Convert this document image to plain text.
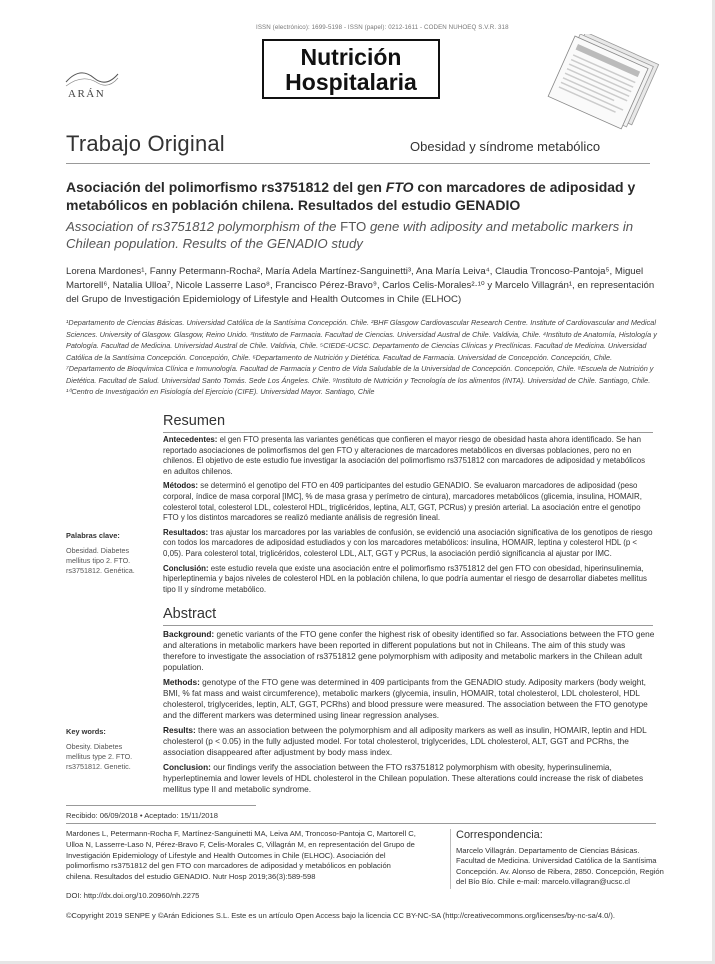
ISSN (electrónico): 1699-5198 - ISSN (papel): 0212-1611 - CODEN NUHOEQ S.V.R. 318
ARÁN
Nutrición
Hospitalaria
Trabajo Original	Obesidad y síndrome metabólico
Asociación del polimorfismo rs3751812 del gen FTO con marcadores de adiposidad y metabólicos en población chilena. Resultados del estudio GENADIO
Association of rs3751812 polymorphism of the FTO gene with adiposity and metabolic markers in Chilean population. Results of the GENADIO study
Lorena Mardones¹, Fanny Petermann-Rocha², María Adela Martínez-Sanguinetti³, Ana María Leiva⁴, Claudia Troncoso-Pantoja⁵, Miguel Martorell⁶, Natalia Ulloa⁷, Nicole Lasserre Laso⁸, Francisco Pérez-Bravo⁹, Carlos Celis-Morales²·¹⁰ y Marcelo Villagrán¹, en representación del Grupo de Investigación Epidemiology of Lifestyle and Health Outcomes in Chile (ELHOC)
¹Departamento de Ciencias Básicas. Universidad Católica de la Santísima Concepción. Chile. ²BHF Glasgow Cardiovascular Research Centre. Institute of Cardiovascular and Medical Sciences. University of Glasgow. Glasgow, Reino Unido. ³Instituto de Farmacia. Facultad de Ciencias. Universidad Austral de Chile. Valdivia, Chile. ⁴Instituto de Anatomía, Histología y Patología. Facultad de Medicina. Universidad Austral de Chile. Valdivia, Chile. ⁵CIEDE-UCSC. Departamento de Ciencias Clínicas y Preclínicas. Facultad de Medicina. Universidad Católica de la Santísima Concepción. Concepción, Chile. ⁶Departamento de Nutrición y Dietética. Facultad de Farmacia. Universidad de Concepción. Concepción, Chile. ⁷Departamento de Bioquímica Clínica e Inmunología. Facultad de Farmacia y Centro de Vida Saludable de la Universidad de Concepción. Concepción, Chile. ⁸Escuela de Nutrición y Dietética. Facultad de Salud. Universidad Santo Tomás. Sede Los Ángeles. Chile. ⁹Instituto de Nutrición y Tecnología de los alimentos (INTA). Universidad de Chile. Santiago, Chile. ¹⁰Centro de Investigación en Fisiología del Ejercicio (CIFE). Universidad Mayor. Santiago, Chile
Resumen
Palabras clave:
Obesidad. Diabetes mellitus tipo 2. FTO. rs3751812. Genética.

Antecedentes: el gen FTO presenta las variantes genéticas que confieren el mayor riesgo de obesidad hasta ahora identificado. Se han reportado asociaciones de polimorfismos del gen FTO y alteraciones de marcadores metabólicos en diversas poblaciones, pero no en chilenos. El objetivo de este estudio fue investigar la asociación del polimorfismo rs3751812 con marcadores de adiposidad y metabólicos en adultos chilenos.

Métodos: se determinó el genotipo del FTO en 409 participantes del estudio GENADIO. Se evaluaron marcadores de adiposidad (peso corporal, índice de masa corporal [IMC], % de masa grasa y perímetro de cintura), marcadores metabólicos (glicemia, insulina, HOMAIR, colesterol total, colesterol LDL, colesterol HDL, triglicéridos, leptina, ALT, GGT, PCRus) y presión arterial. La asociación entre el genotipo FTO y los distintos marcadores se realizó mediante análisis de regresión lineal.

Resultados: tras ajustar los marcadores por las variables de confusión, se evidenció una asociación significativa de los genotipos de riesgo con todos los marcadores de adiposidad estudiados y con los marcadores metabólicos: insulina, HOMAIR, leptina y colesterol HDL (p < 0,05). Para colesterol total, triglicéridos, colesterol LDL, ALT, GGT y PCRus, la asociación perdió significancia al ajustar por IMC.

Conclusión: este estudio revela que existe una asociación entre el polimorfismo rs3751812 del gen FTO con obesidad, hiperinsulinemia, hiperleptinemia y bajos niveles de colesterol HDL en la población chilena, lo que podría aumentar el riesgo de desarrollar diabetes mellitus tipo II y síndrome metabólico.

Abstract
Key words:
Obesity. Diabetes mellitus type 2. FTO. rs3751812. Genetic.

Background: genetic variants of the FTO gene confer the highest risk of obesity identified so far. Associations between the FTO gene and alterations in metabolic markers have been reported in different populations but not in Chileans. The aim of this study was therefore to investigate the association of rs3751812 gene polymorphism with adiposity and metabolic markers in the Chilean adult population.

Methods: genotype of the FTO gene was determined in 409 participants from the GENADIO study. Adiposity markers (body weight, BMI, % fat mass and waist circumference), metabolic markers (glycemia, insulin, HOMAIR, total cholesterol, LDL cholesterol, HDL cholesterol, triglycerides, leptin, ALT, GGT, PCRhs) and blood pressure were measured. The association between the FTO genotype and the different markers was determined using linear regression analyses.

Results: there was an association between the polymorphism and all adiposity markers as well as insulin, HOMAIR, leptin and HDL cholesterol (p < 0.05) in the fully adjusted model. For total cholesterol, triglycerides, LDL cholesterol, ALT, GGT and PCRhs, the association disappeared after adjustment by body mass index.

Conclusion: our findings verify the association between the FTO rs3751812 polymorphism with obesity, hyperinsulinemia, hyperleptinemia and lower levels of HDL cholesterol in the Chilean population. These alterations could increase the risk of diabetes mellitus type II and metabolic syndrome.

Recibido: 06/09/2018 • Aceptado: 15/11/2018
Mardones L, Petermann-Rocha F, Martínez-Sanguinetti MA, Leiva AM, Troncoso-Pantoja C, Martorell C, Ulloa N, Lasserre-Laso N, Pérez-Bravo F, Celis-Morales C, Villagrán M, en representación del Grupo de Investigación Epidemiology of Lifestyle and Health Outcomes in Chile (ELHOC). Asociación del polimorfismo rs3751812 del gen FTO con marcadores de adiposidad y metabólicos en población chilena. Resultados del estudio GENADIO. Nutr Hosp 2019;36(3):589-598
DOI: http://dx.doi.org/10.20960/nh.2275
Correspondencia:
Marcelo Villagrán. Departamento de Ciencias Básicas. Facultad de Medicina. Universidad Católica de la Santísima Concepción. Av. Alonso de Ribera, 2850. Concepción, Región del Bío Bío. Chile e-mail: marcelo.villagran@ucsc.cl
©Copyright 2019 SENPE y ©Arán Ediciones S.L. Este es un artículo Open Access bajo la licencia CC BY-NC-SA (http://creativecommons.org/licenses/by-nc-sa/4.0/).
